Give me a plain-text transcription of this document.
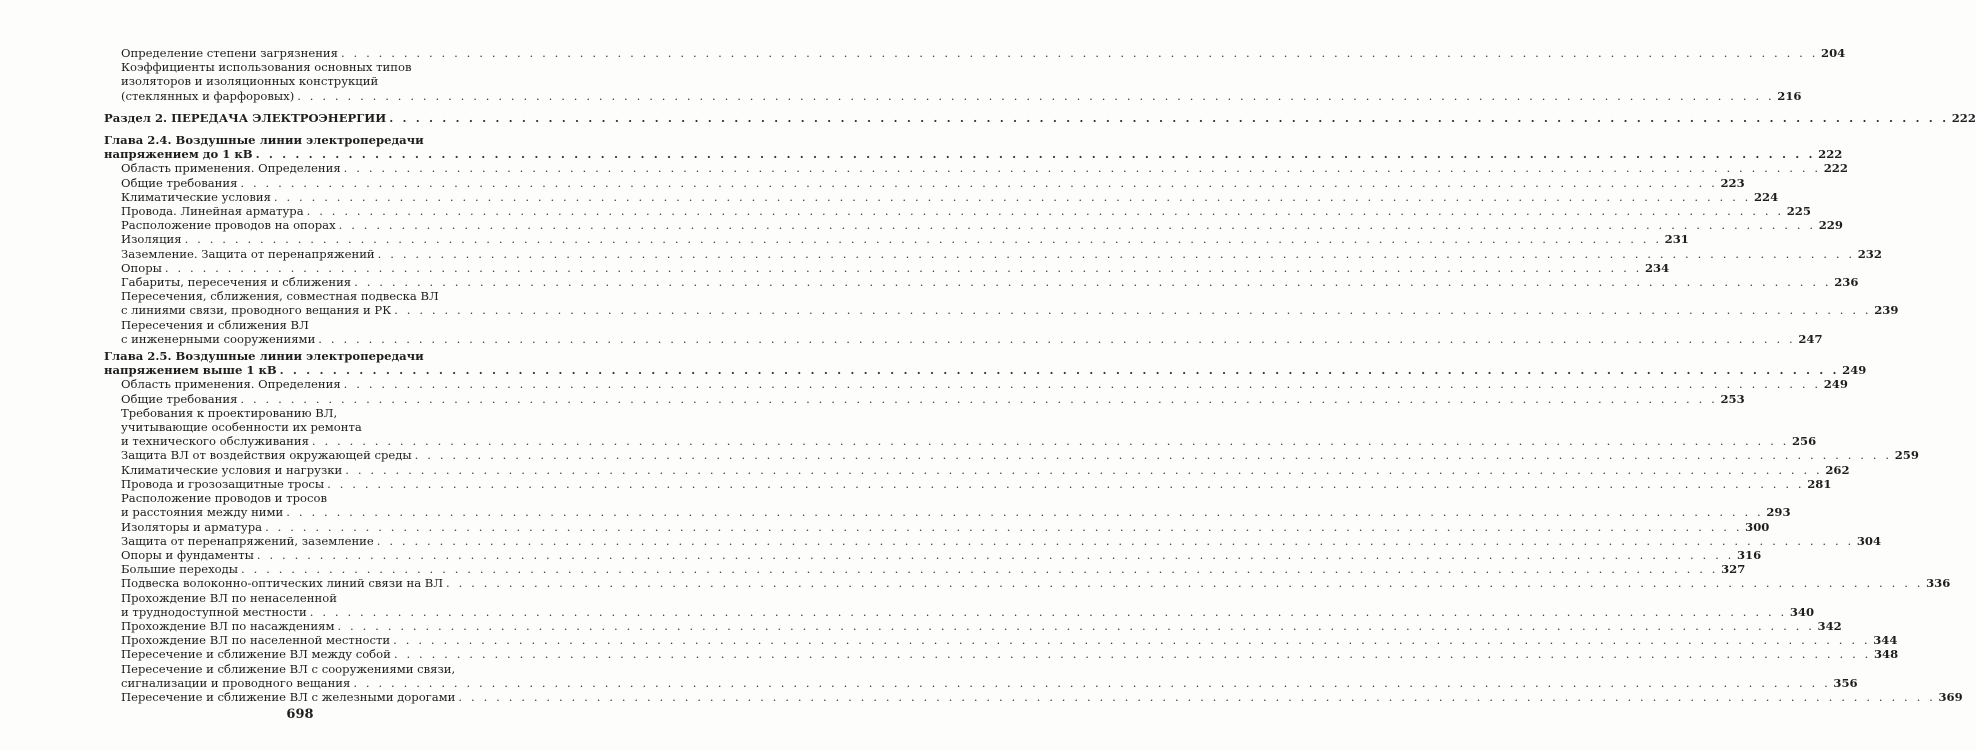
Определение степени загрязнения . . .	204
Коэффициенты использования основных типов
изоляторов и изоляционных конструкций
(стеклянных и фарфоровых) . . .	216
Раздел 2. ПЕРЕДАЧА ЭЛЕКТРОЭНЕРГИИ . . .	222
Глава 2.4. Воздушные линии электропередачи
напряжением до 1 кВ . . .	222
Область применения. Определения . . .	222
Общие требования . . .	223
Климатические условия . . .	224
Провода. Линейная арматура . . .	225
Расположение проводов на опорах . . .	229
Изоляция . . .	231
Заземление. Защита от перенапряжений . . .	232
Опоры . . .	234
Габариты, пересечения и сближения . . .	236
Пересечения, сближения, совместная подвеска ВЛ
с линиями связи, проводного вещания и РК . . .	239
Пересечения и сближения ВЛ
с инженерными сооружениями . . .	247
Глава 2.5. Воздушные линии электропередачи
напряжением выше 1 кВ . . .	249
Область применения. Определения . . .	249
Общие требования . . .	253
Требования к проектированию ВЛ,
учитывающие особенности их ремонта
и технического обслуживания . . .	256
Защита ВЛ от воздействия окружающей среды . . .	259
Климатические условия и нагрузки . . .	262
Провода и грозозащитные тросы . . .	281
Расположение проводов и тросов
и расстояния между ними . . .	293
Изоляторы и арматура . . .	300
Защита от перенапряжений, заземление . . .	304
Опоры и фундаменты . . .	316
Большие переходы . . .	327
Подвеска волоконно-оптических линий связи на ВЛ . . .	336
Прохождение ВЛ по ненаселенной
и труднодоступной местности . . .	340
Прохождение ВЛ по насаждениям . . .	342
Прохождение ВЛ по населенной местности . . .	344
Пересечение и сближение ВЛ между собой . . .	348
Пересечение и сближение ВЛ с сооружениями связи,
сигнализации и проводного вещания . . .	356
Пересечение и сближение ВЛ с железными дорогами . . .	369
698
